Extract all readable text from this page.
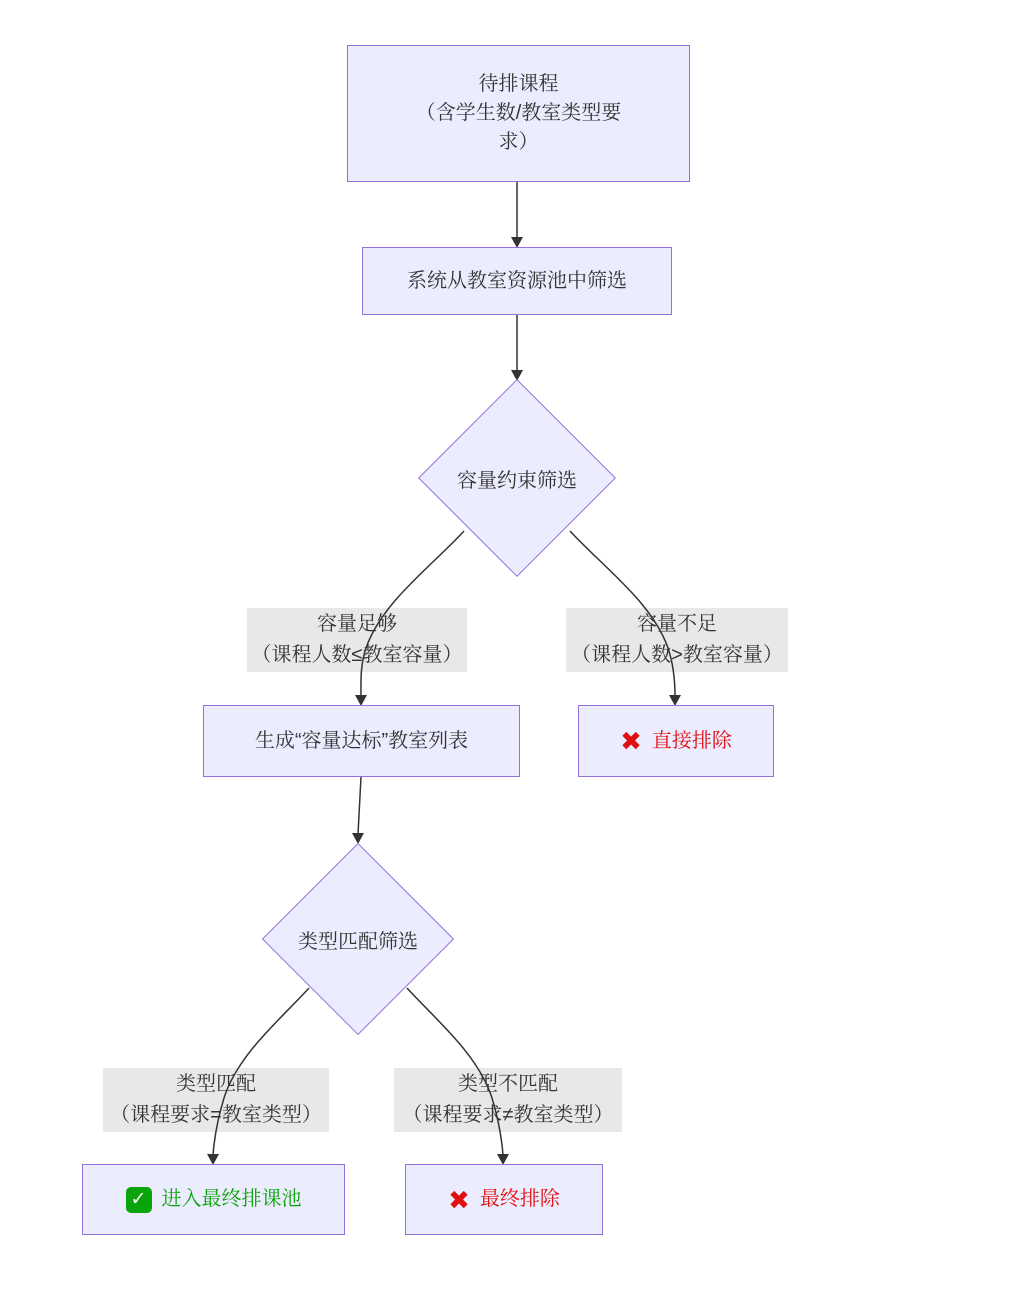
待排课程
（含学生数/教室类型要
求）
系统从教室资源池中筛选
容量约束筛选
容量足够
（课程人数≤教室容量）
容量不足
（课程人数>教室容量）
生成“容量达标”教室列表	✖ 直接排除
类型匹配筛选
类型匹配
（课程要求=教室类型）
类型不匹配
（课程要求≠教室类型）
✓ 进入最终排课池	✖ 最终排除
